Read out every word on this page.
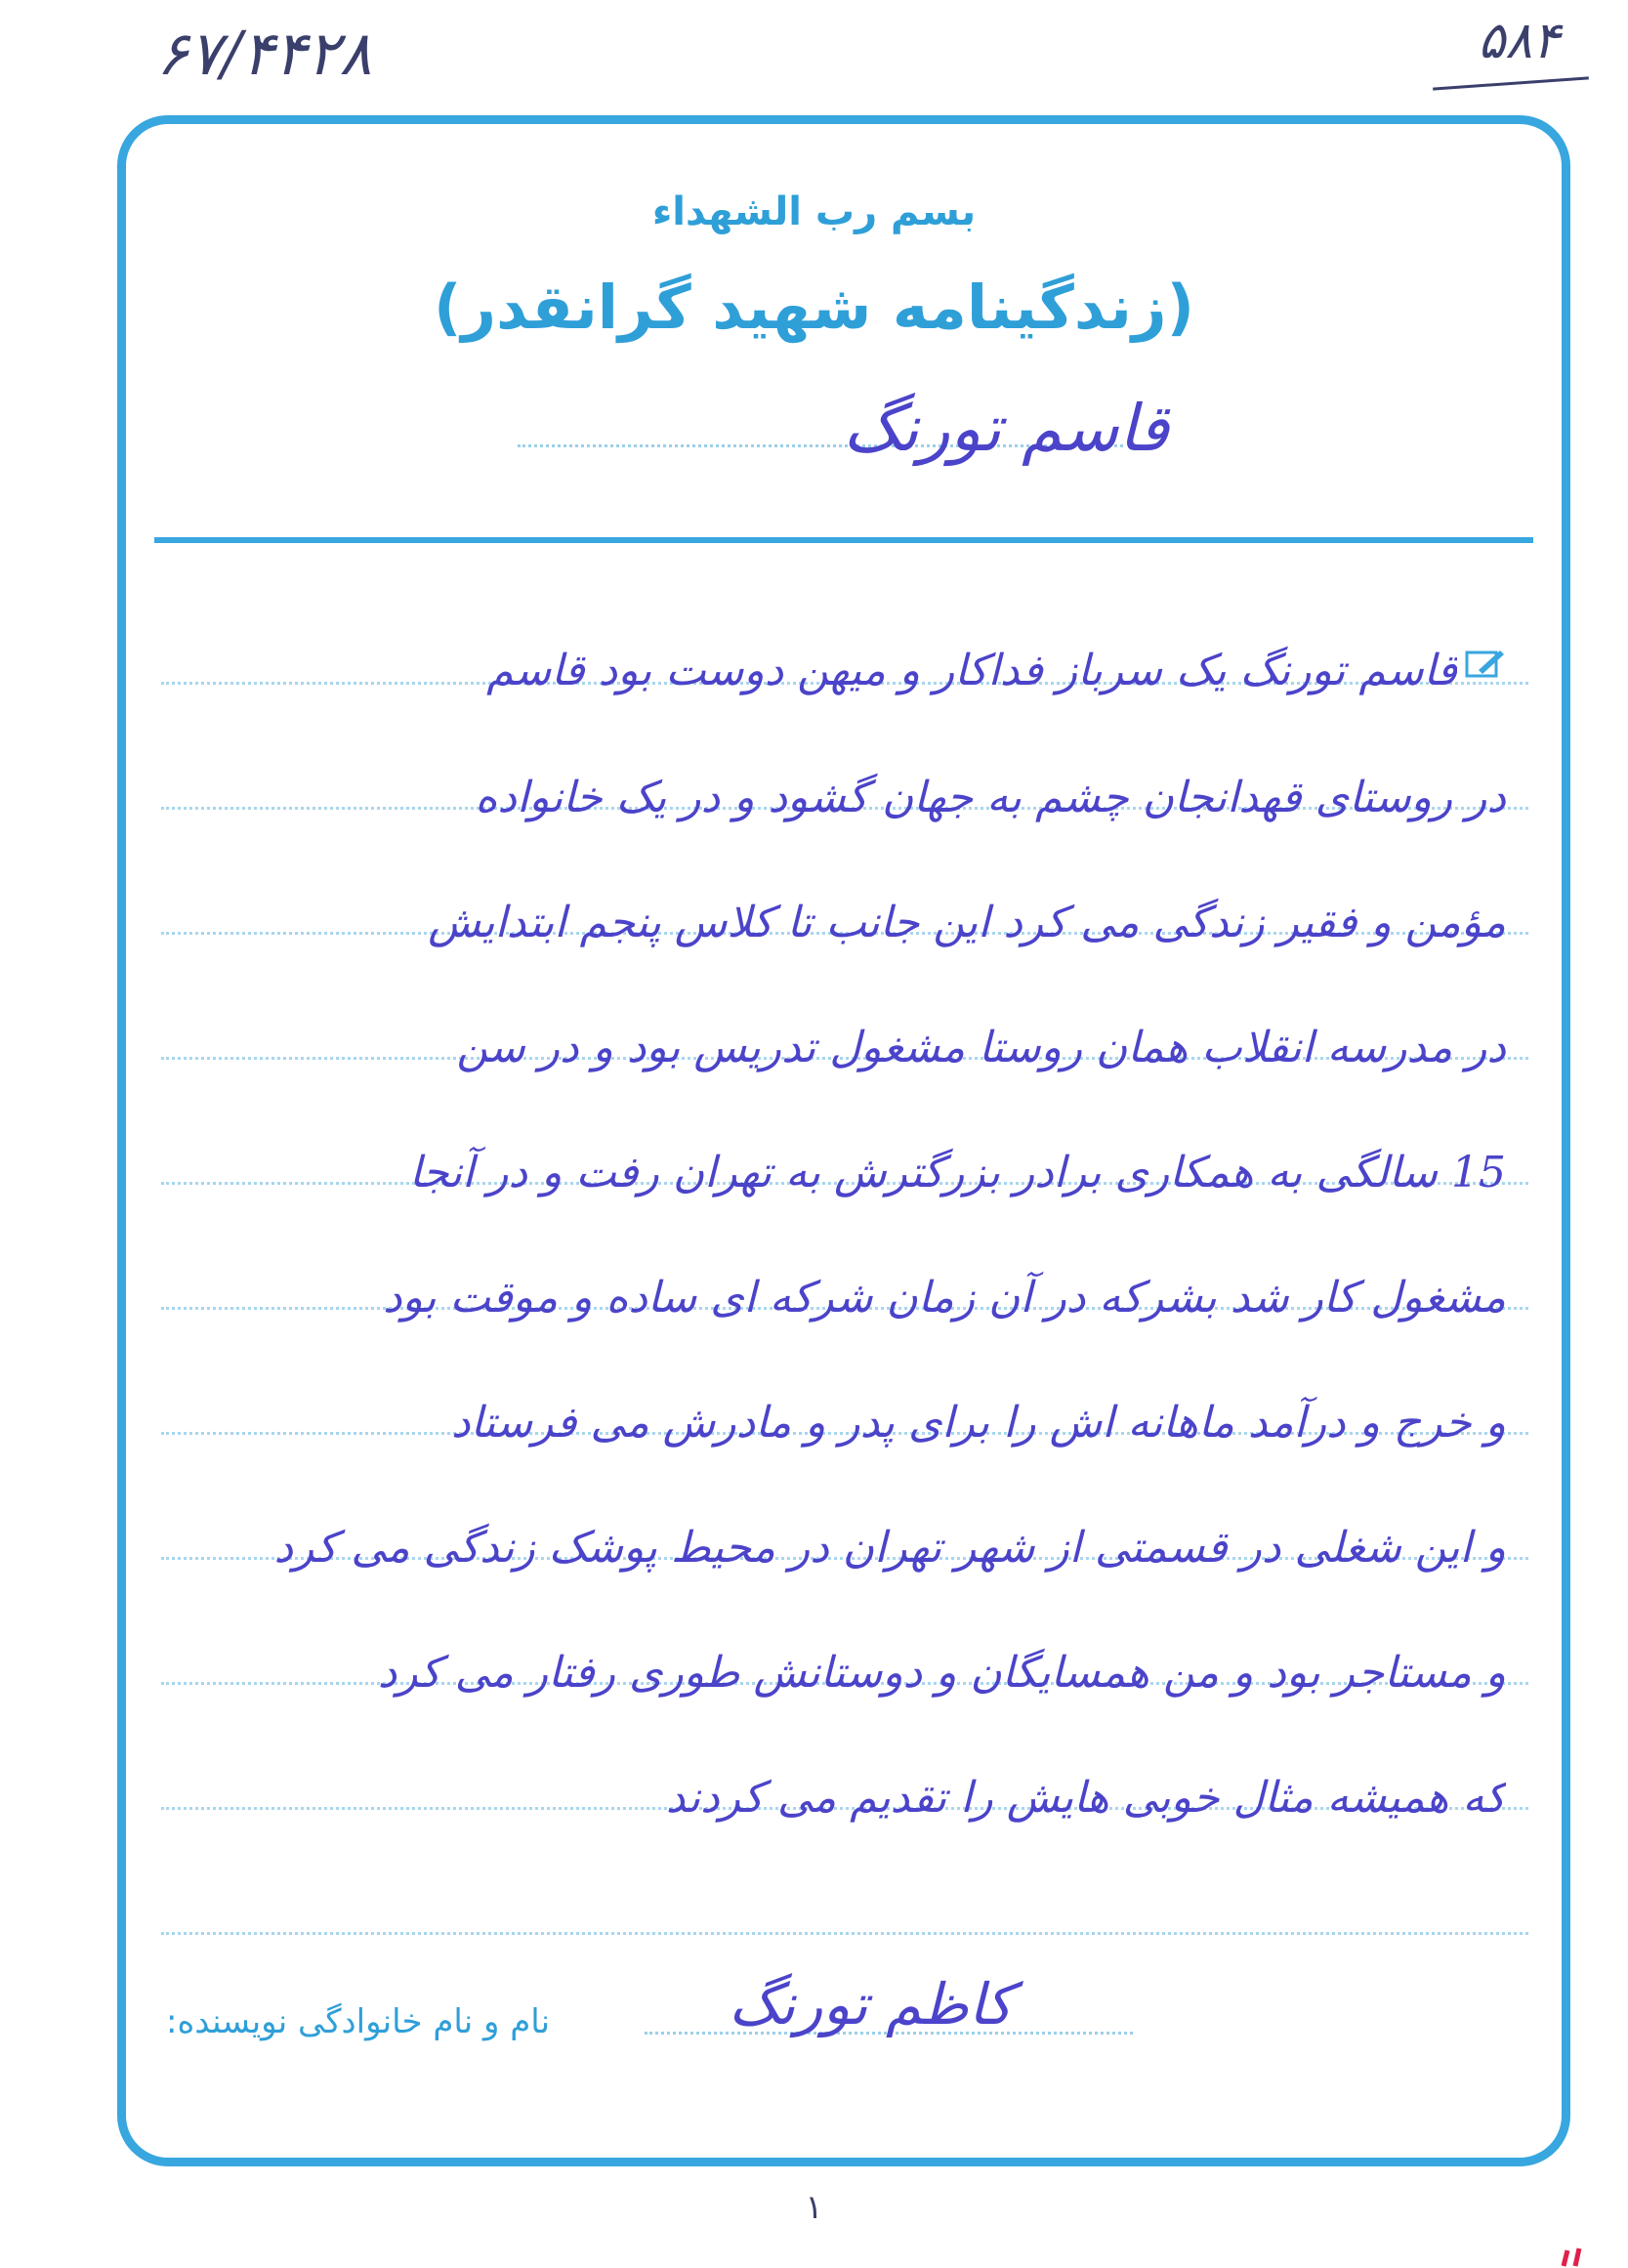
۶۷/۴۴۲۸	۵۸۴
بسم رب الشهداء
(زندگینامه شهید گرانقدر)
قاسم تورنگ
قاسم تورنگ یک سرباز فداکار و میهن دوست بود قاسم
در روستای قهدانجان چشم به جهان گشود و در یک خانواده
مؤمن و فقیر زندگی می کرد این جانب تا کلاس پنجم ابتدایش
در مدرسه انقلاب همان روستا مشغول تدریس بود و در سن
15 سالگی به همکاری برادر بزرگترش به تهران رفت و در آنجا
مشغول کار شد بشرکه در آن زمان شرکه ای ساده و موقت بود
و خرج و درآمد ماهانه اش را برای پدر و مادرش می فرستاد
و این شغلی در قسمتی از شهر تهران در محیط پوشک زندگی می کرد
و مستاجر بود و من همسایگان و دوستانش طوری رفتار می کرد
که همیشه مثال خوبی هایش را تقدیم می کردند
نام و نام خانوادگی نویسنده:	کاظم تورنگ
۱
